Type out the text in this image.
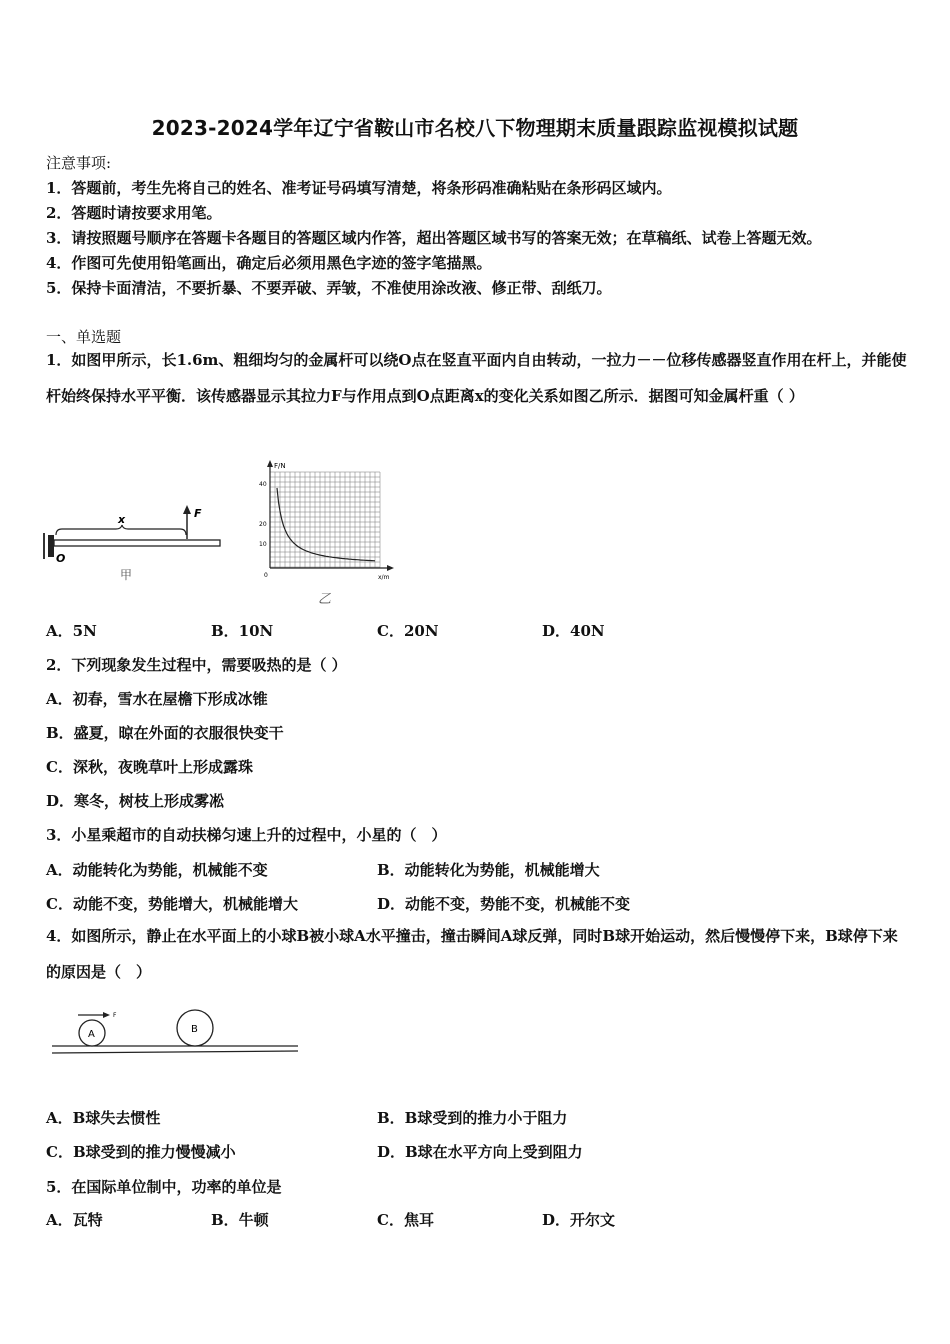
2023-2024学年辽宁省鞍山市名校八下物理期末质量跟踪监视模拟试题
注意事项:
1．答题前，考生先将自己的姓名、准考证号码填写清楚，将条形码准确粘贴在条形码区域内。
2．答题时请按要求用笔。
3．请按照题号顺序在答题卡各题目的答题区域内作答，超出答题区域书写的答案无效；在草稿纸、试卷上答题无效。
4．作图可先使用铅笔画出，确定后必须用黑色字迹的签字笔描黑。
5．保持卡面清洁，不要折暴、不要弄破、弄皱，不准使用涂改液、修正带、刮纸刀。
一、单选题
1．如图甲所示，长1.6m、粗细均匀的金属杆可以绕O点在竖直平面内自由转动，一拉力－－位移传感器竖直作用在杆上，并能使杆始终保持水平平衡．该传感器显示其拉力F与作用点到O点距离x的变化关系如图乙所示．据图可知金属杆重（ ）
O
x	F
甲
F/N
x/m
40
20
10
0
乙
A．5N	B．10N	C．20N	D．40N
2．下列现象发生过程中，需要吸热的是（ ）
A．初春，雪水在屋檐下形成冰锥
B．盛夏，晾在外面的衣服很快变干
C．深秋，夜晚草叶上形成露珠
D．寒冬，树枝上形成雾凇
3．小星乘超市的自动扶梯匀速上升的过程中，小星的（　）
A．动能转化为势能，机械能不变	B．动能转化为势能，机械能增大
C．动能不变，势能增大，机械能增大	D．动能不变，势能不变，机械能不变
4．如图所示，静止在水平面上的小球B被小球A水平撞击，撞击瞬间A球反弹，同时B球开始运动，然后慢慢停下来，B球停下来的原因是（　）
A	B
F
A．B球失去惯性	B．B球受到的推力小于阻力
C．B球受到的推力慢慢减小	D．B球在水平方向上受到阻力
5．在国际单位制中，功率的单位是
A．瓦特	B．牛顿	C．焦耳	D．开尔文
